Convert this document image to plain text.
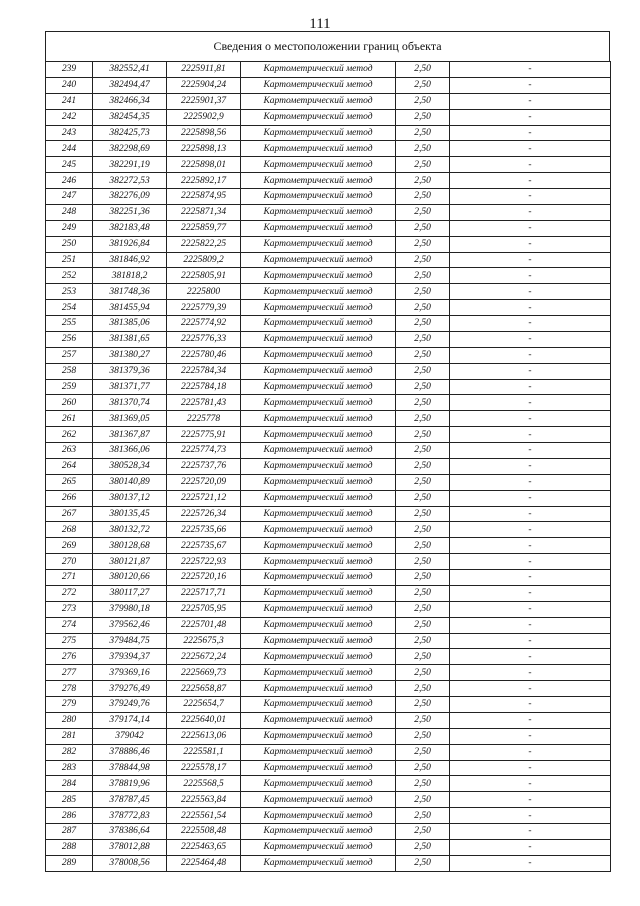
111
Сведения о местоположении границ объекта
239	382552,41	2225911,81	Картометрический метод	2,50	-
240	382494,47	2225904,24	Картометрический метод	2,50	-
241	382466,34	2225901,37	Картометрический метод	2,50	-
242	382454,35	2225902,9	Картометрический метод	2,50	-
243	382425,73	2225898,56	Картометрический метод	2,50	-
244	382298,69	2225898,13	Картометрический метод	2,50	-
245	382291,19	2225898,01	Картометрический метод	2,50	-
246	382272,53	2225892,17	Картометрический метод	2,50	-
247	382276,09	2225874,95	Картометрический метод	2,50	-
248	382251,36	2225871,34	Картометрический метод	2,50	-
249	382183,48	2225859,77	Картометрический метод	2,50	-
250	381926,84	2225822,25	Картометрический метод	2,50	-
251	381846,92	2225809,2	Картометрический метод	2,50	-
252	381818,2	2225805,91	Картометрический метод	2,50	-
253	381748,36	2225800	Картометрический метод	2,50	-
254	381455,94	2225779,39	Картометрический метод	2,50	-
255	381385,06	2225774,92	Картометрический метод	2,50	-
256	381381,65	2225776,33	Картометрический метод	2,50	-
257	381380,27	2225780,46	Картометрический метод	2,50	-
258	381379,36	2225784,34	Картометрический метод	2,50	-
259	381371,77	2225784,18	Картометрический метод	2,50	-
260	381370,74	2225781,43	Картометрический метод	2,50	-
261	381369,05	2225778	Картометрический метод	2,50	-
262	381367,87	2225775,91	Картометрический метод	2,50	-
263	381366,06	2225774,73	Картометрический метод	2,50	-
264	380528,34	2225737,76	Картометрический метод	2,50	-
265	380140,89	2225720,09	Картометрический метод	2,50	-
266	380137,12	2225721,12	Картометрический метод	2,50	-
267	380135,45	2225726,34	Картометрический метод	2,50	-
268	380132,72	2225735,66	Картометрический метод	2,50	-
269	380128,68	2225735,67	Картометрический метод	2,50	-
270	380121,87	2225722,93	Картометрический метод	2,50	-
271	380120,66	2225720,16	Картометрический метод	2,50	-
272	380117,27	2225717,71	Картометрический метод	2,50	-
273	379980,18	2225705,95	Картометрический метод	2,50	-
274	379562,46	2225701,48	Картометрический метод	2,50	-
275	379484,75	2225675,3	Картометрический метод	2,50	-
276	379394,37	2225672,24	Картометрический метод	2,50	-
277	379369,16	2225669,73	Картометрический метод	2,50	-
278	379276,49	2225658,87	Картометрический метод	2,50	-
279	379249,76	2225654,7	Картометрический метод	2,50	-
280	379174,14	2225640,01	Картометрический метод	2,50	-
281	379042	2225613,06	Картометрический метод	2,50	-
282	378886,46	2225581,1	Картометрический метод	2,50	-
283	378844,98	2225578,17	Картометрический метод	2,50	-
284	378819,96	2225568,5	Картометрический метод	2,50	-
285	378787,45	2225563,84	Картометрический метод	2,50	-
286	378772,83	2225561,54	Картометрический метод	2,50	-
287	378386,64	2225508,48	Картометрический метод	2,50	-
288	378012,88	2225463,65	Картометрический метод	2,50	-
289	378008,56	2225464,48	Картометрический метод	2,50	-
